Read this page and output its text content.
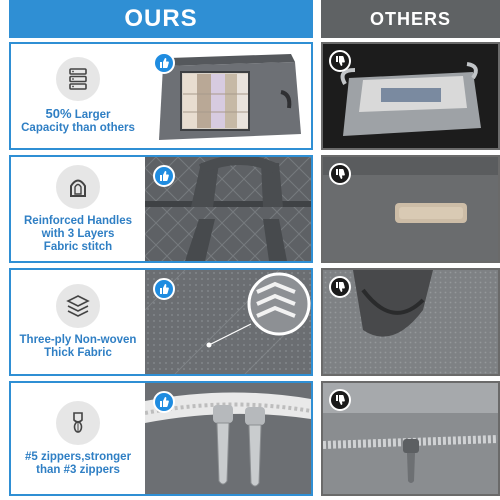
OURS	OTHERS
50% Larger
Capacity than others
Reinforced Handles
with 3 Layers
Fabric stitch
Three-ply Non-woven
Thick Fabric
#5 zippers,stronger
than #3 zippers
